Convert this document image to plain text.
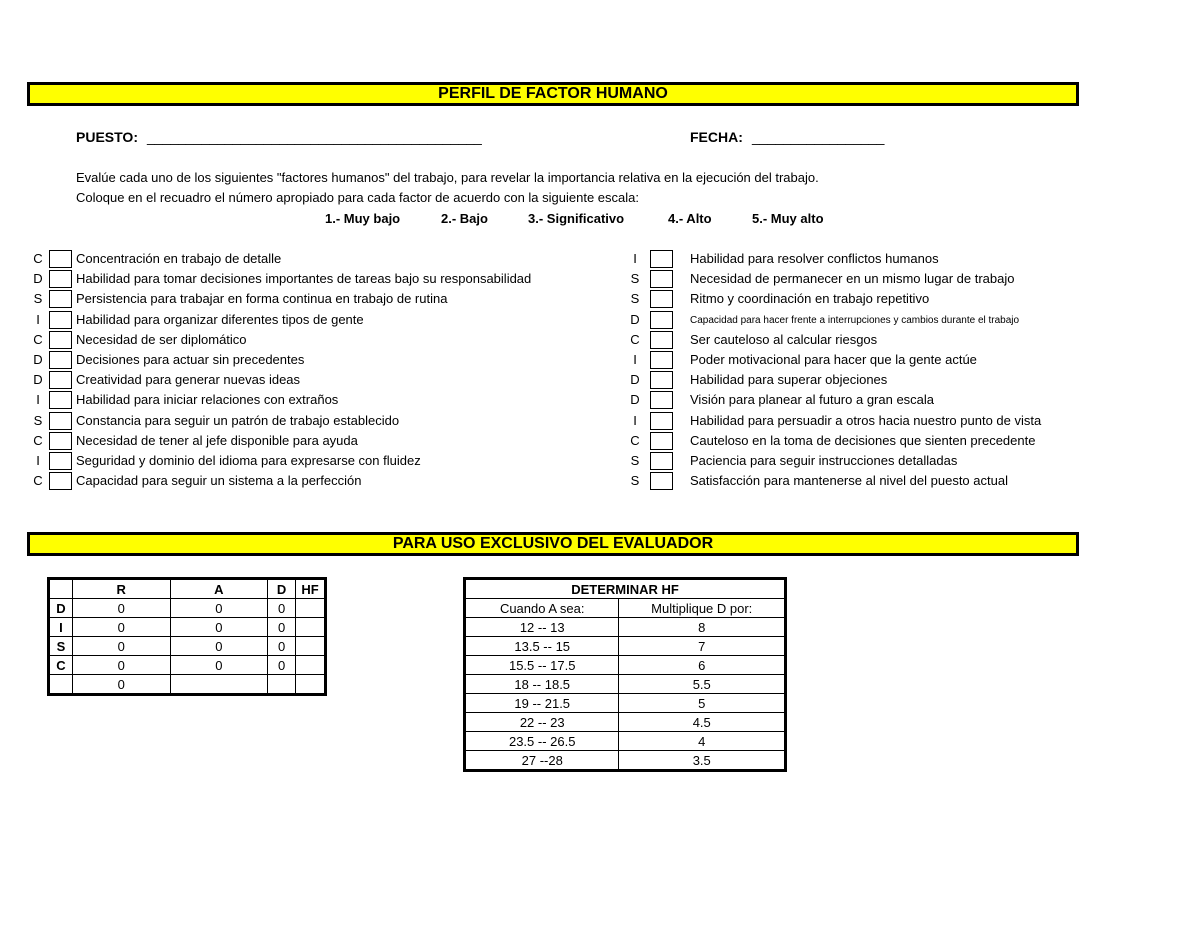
PERFIL DE FACTOR HUMANO
PUESTO: ___________________________________________	FECHA: _________________
Evalúe cada uno de los siguientes "factores humanos" del trabajo, para revelar la importancia relativa en la ejecución del trabajo.
Coloque en el recuadro el número apropiado para cada factor de acuerdo con la siguiente escala:
1.- Muy bajo	2.- Bajo	3.- Significativo	4.- Alto	5.- Muy alto
C	Concentración en trabajo de detalle
D	Habilidad para tomar decisiones importantes de tareas bajo su responsabilidad
S	Persistencia para trabajar en forma continua en trabajo de rutina
I	Habilidad para organizar diferentes tipos de gente
C	Necesidad de ser diplomático
D	Decisiones para actuar sin precedentes
D	Creatividad para generar nuevas ideas
I	Habilidad para iniciar relaciones con extraños
S	Constancia para seguir un patrón de trabajo establecido
C	Necesidad de tener al jefe disponible para ayuda
I	Seguridad y dominio del idioma para expresarse con fluidez
C	Capacidad para seguir un sistema a la perfección
I	Habilidad para resolver conflictos humanos
S	Necesidad de permanecer en un mismo lugar de trabajo
S	Ritmo y coordinación en trabajo repetitivo
D	Capacidad para hacer frente a interrupciones y cambios durante el trabajo
C	Ser cauteloso al calcular riesgos
I	Poder motivacional para hacer que la gente actúe
D	Habilidad para superar objeciones
D	Visión para planear al futuro a gran escala
I	Habilidad para persuadir a otros hacia nuestro punto de vista
C	Cauteloso en la toma de decisiones que sienten precedente
S	Paciencia para seguir instrucciones detalladas
S	Satisfacción para mantenerse al nivel del puesto actual
PARA USO EXCLUSIVO DEL EVALUADOR
	R	A	D	HF
D	0	0	0	
I	0	0	0	
S	0	0	0	
C	0	0	0	
	0			
DETERMINAR HF	
Cuando A sea:	Multiplique D por:
12 -- 13	8
13.5 -- 15	7
15.5 -- 17.5	6
18 -- 18.5	5.5
19 -- 21.5	5
22 -- 23	4.5
23.5 -- 26.5	4
27 --28	3.5
